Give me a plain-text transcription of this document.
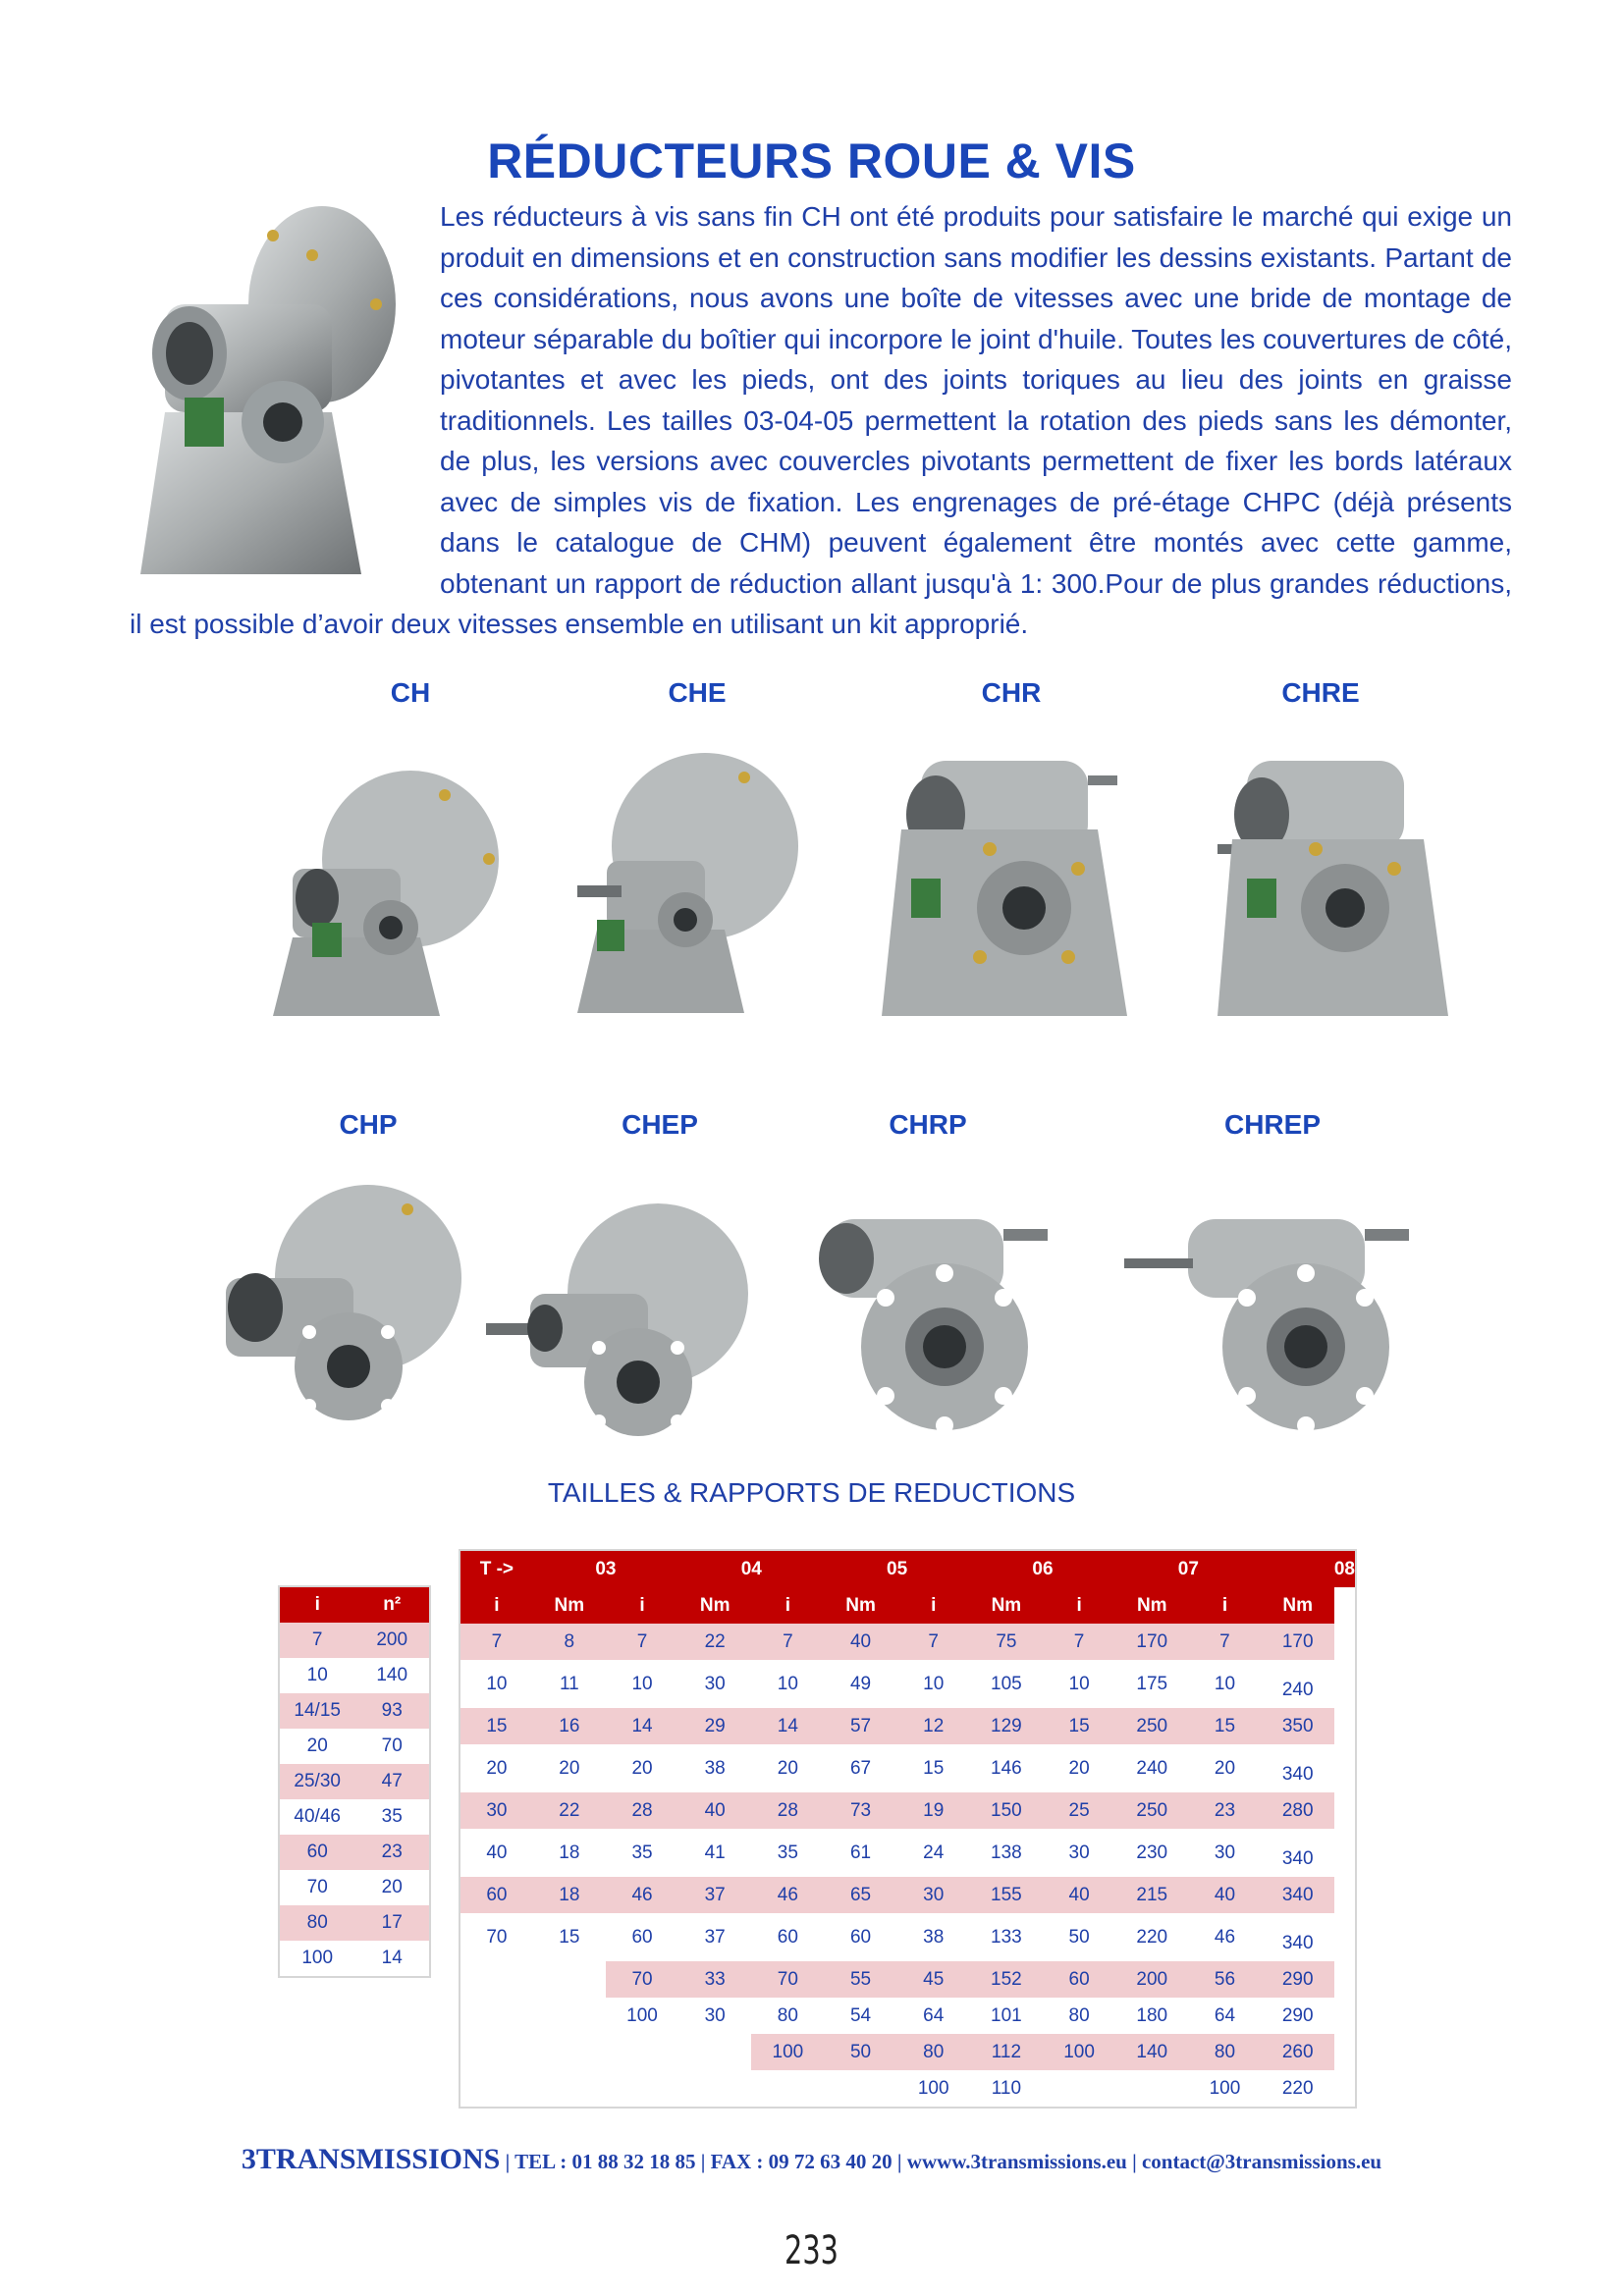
RÉDUCTEURS ROUE & VIS
Les réducteurs à vis sans fin CH ont été produits pour satisfaire le marché qui exige un produit en dimensions et en construction sans modifier les dessins existants. Partant de ces considérations, nous avons une boîte de vitesses avec une bride de montage de moteur séparable du boîtier qui incorpore le joint d'huile. Toutes les couvertures de côté, pivotantes et avec les pieds, ont des joints toriques au lieu des joints en graisse traditionnels. Les tailles 03-04-05 permettent la rotation des pieds sans les démonter, de plus, les versions avec couvercles pivotants permettent de fixer les bords latéraux avec de simples vis de fixation. Les engrenages de pré-étage CHPC (déjà présents dans le catalogue de CHM) peuvent également être montés avec cette gamme, obtenant un rapport de réduction allant jusqu'à 1: 300.Pour de plus grandes réductions, il est possible d’avoir deux vitesses ensemble en utilisant un kit approprié.
CH	CHE	CHR	CHRE
CHP	CHEP	CHRP	CHREP
TAILLES & RAPPORTS DE REDUCTIONS
i	n²
7	200
10	140
14/15	93
20	70
25/30	47
40/46	35
60	23
70	20
80	17
100	14
T ->	03		04		05		06		07			08
i	Nm	i	Nm	i	Nm	i	Nm	i	Nm	i	Nm	
7	8	7	22	7	40	7	75	7	170	7	170	
10	11	10	30	10	49	10	105	10	175	10	240	
15	16	14	29	14	57	12	129	15	250	15	350	
20	20	20	38	20	67	15	146	20	240	20	340	
30	22	28	40	28	73	19	150	25	250	23	280	
40	18	35	41	35	61	24	138	30	230	30	340	
60	18	46	37	46	65	30	155	40	215	40	340	
70	15	60	37	60	60	38	133	50	220	46	340	
		70	33	70	55	45	152	60	200	56	290	
		100	30	80	54	64	101	80	180	64	290	
				100	50	80	112	100	140	80	260	
						100	110			100	220	
3TRANSMISSIONS | TEL : 01 88 32 18 85 | FAX : 09 72 63 40 20 | wwww.3transmissions.eu | contact@3transmissions.eu
233
